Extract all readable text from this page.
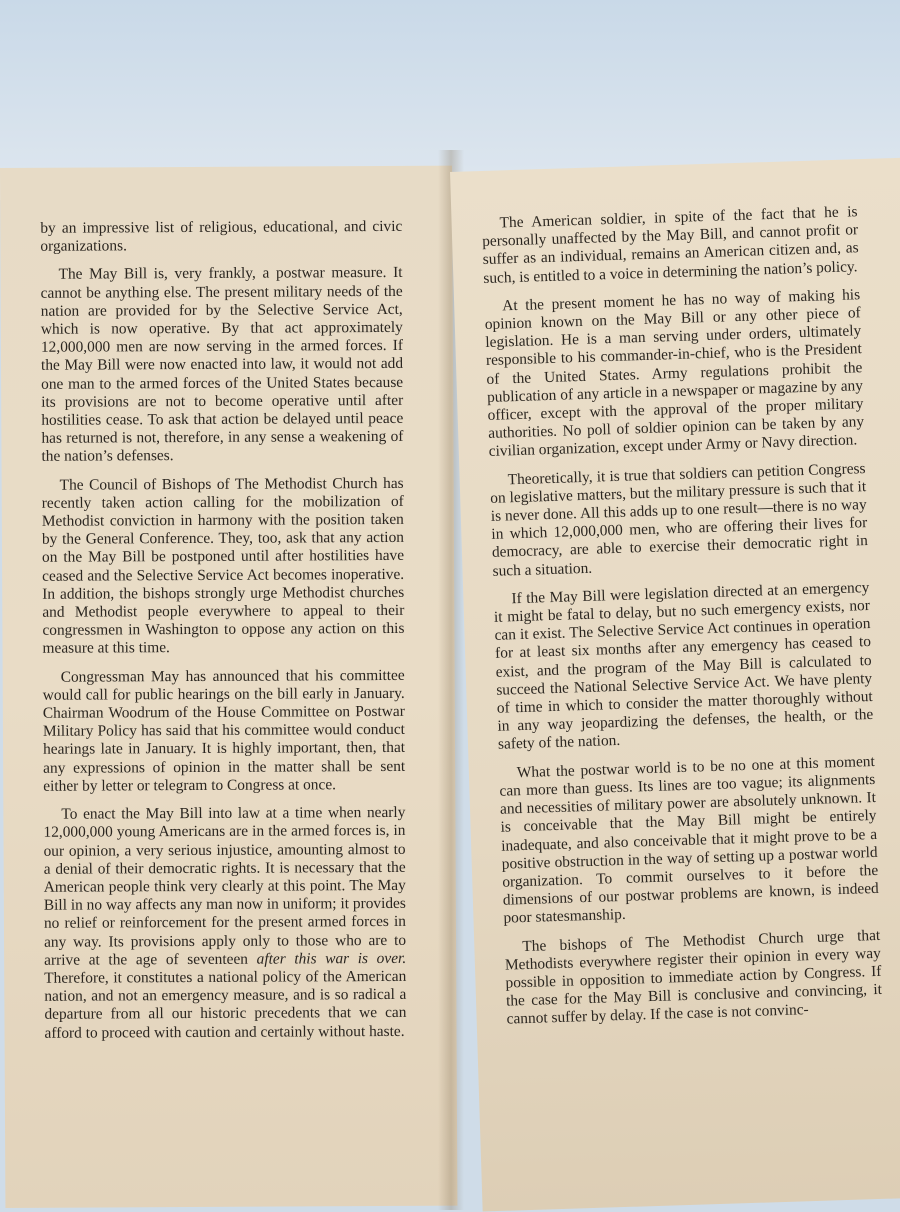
by an impressive list of religious, educational, and civic organizations.

The May Bill is, very frankly, a postwar measure. It cannot be anything else. The present military needs of the nation are provided for by the Selective Service Act, which is now operative. By that act approximately 12,000,000 men are now serving in the armed forces. If the May Bill were now enacted into law, it would not add one man to the armed forces of the United States because its provisions are not to become operative until after hostilities cease. To ask that action be delayed until peace has returned is not, therefore, in any sense a weakening of the nation’s defenses.

The Council of Bishops of The Methodist Church has recently taken action calling for the mobilization of Methodist conviction in harmony with the position taken by the General Conference. They, too, ask that any action on the May Bill be postponed until after hostilities have ceased and the Selective Service Act becomes inoperative. In addition, the bishops strongly urge Methodist churches and Methodist people everywhere to appeal to their congressmen in Washington to oppose any action on this measure at this time.

Congressman May has announced that his committee would call for public hearings on the bill early in January. Chairman Woodrum of the House Committee on Postwar Military Policy has said that his committee would conduct hearings late in January. It is highly important, then, that any expressions of opinion in the matter shall be sent either by letter or telegram to Congress at once.

To enact the May Bill into law at a time when nearly 12,000,000 young Americans are in the armed forces is, in our opinion, a very serious injustice, amounting almost to a denial of their democratic rights. It is necessary that the American people think very clearly at this point. The May Bill in no way affects any man now in uniform; it provides no relief or reinforcement for the present armed forces in any way. Its provisions apply only to those who are to arrive at the age of seventeen after this war is over. Therefore, it constitutes a national policy of the American nation, and not an emergency measure, and is so radical a departure from all our historic precedents that we can afford to proceed with caution and certainly without haste.

The American soldier, in spite of the fact that he is personally unaffected by the May Bill, and cannot profit or suffer as an individual, remains an American citizen and, as such, is entitled to a voice in determining the nation’s policy.

At the present moment he has no way of making his opinion known on the May Bill or any other piece of legislation. He is a man serving under orders, ultimately responsible to his commander-in-chief, who is the President of the United States. Army regulations prohibit the publication of any article in a newspaper or magazine by any officer, except with the approval of the proper military authorities. No poll of soldier opinion can be taken by any civilian organization, except under Army or Navy direction.

Theoretically, it is true that soldiers can petition Congress on legislative matters, but the military pressure is such that it is never done. All this adds up to one result—there is no way in which 12,000,000 men, who are offering their lives for democracy, are able to exercise their democratic right in such a situation.

If the May Bill were legislation directed at an emergency it might be fatal to delay, but no such emergency exists, nor can it exist. The Selective Service Act continues in operation for at least six months after any emergency has ceased to exist, and the program of the May Bill is calculated to succeed the National Selective Service Act. We have plenty of time in which to consider the matter thoroughly without in any way jeopardizing the defenses, the health, or the safety of the nation.

What the postwar world is to be no one at this moment can more than guess. Its lines are too vague; its alignments and necessities of military power are absolutely unknown. It is conceivable that the May Bill might be entirely inadequate, and also conceivable that it might prove to be a positive obstruction in the way of setting up a postwar world organization. To commit ourselves to it before the dimensions of our postwar problems are known, is indeed poor statesmanship.

The bishops of The Methodist Church urge that Methodists everywhere register their opinion in every way possible in opposition to immediate action by Congress. If the case for the May Bill is conclusive and convincing, it cannot suffer by delay. If the case is not convinc-
